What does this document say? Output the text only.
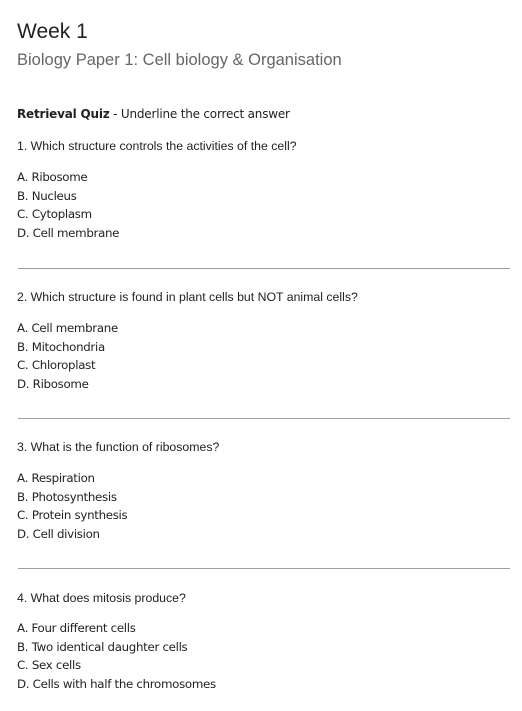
Week 1
Biology Paper 1: Cell biology & Organisation
Retrieval Quiz - Underline the correct answer
1. Which structure controls the activities of the cell?
A. Ribosome
B. Nucleus
C. Cytoplasm
D. Cell membrane
2. Which structure is found in plant cells but NOT animal cells?
A. Cell membrane
B. Mitochondria
C. Chloroplast
D. Ribosome
3. What is the function of ribosomes?
A. Respiration
B. Photosynthesis
C. Protein synthesis
D. Cell division
4. What does mitosis produce?
A. Four different cells
B. Two identical daughter cells
C. Sex cells
D. Cells with half the chromosomes
